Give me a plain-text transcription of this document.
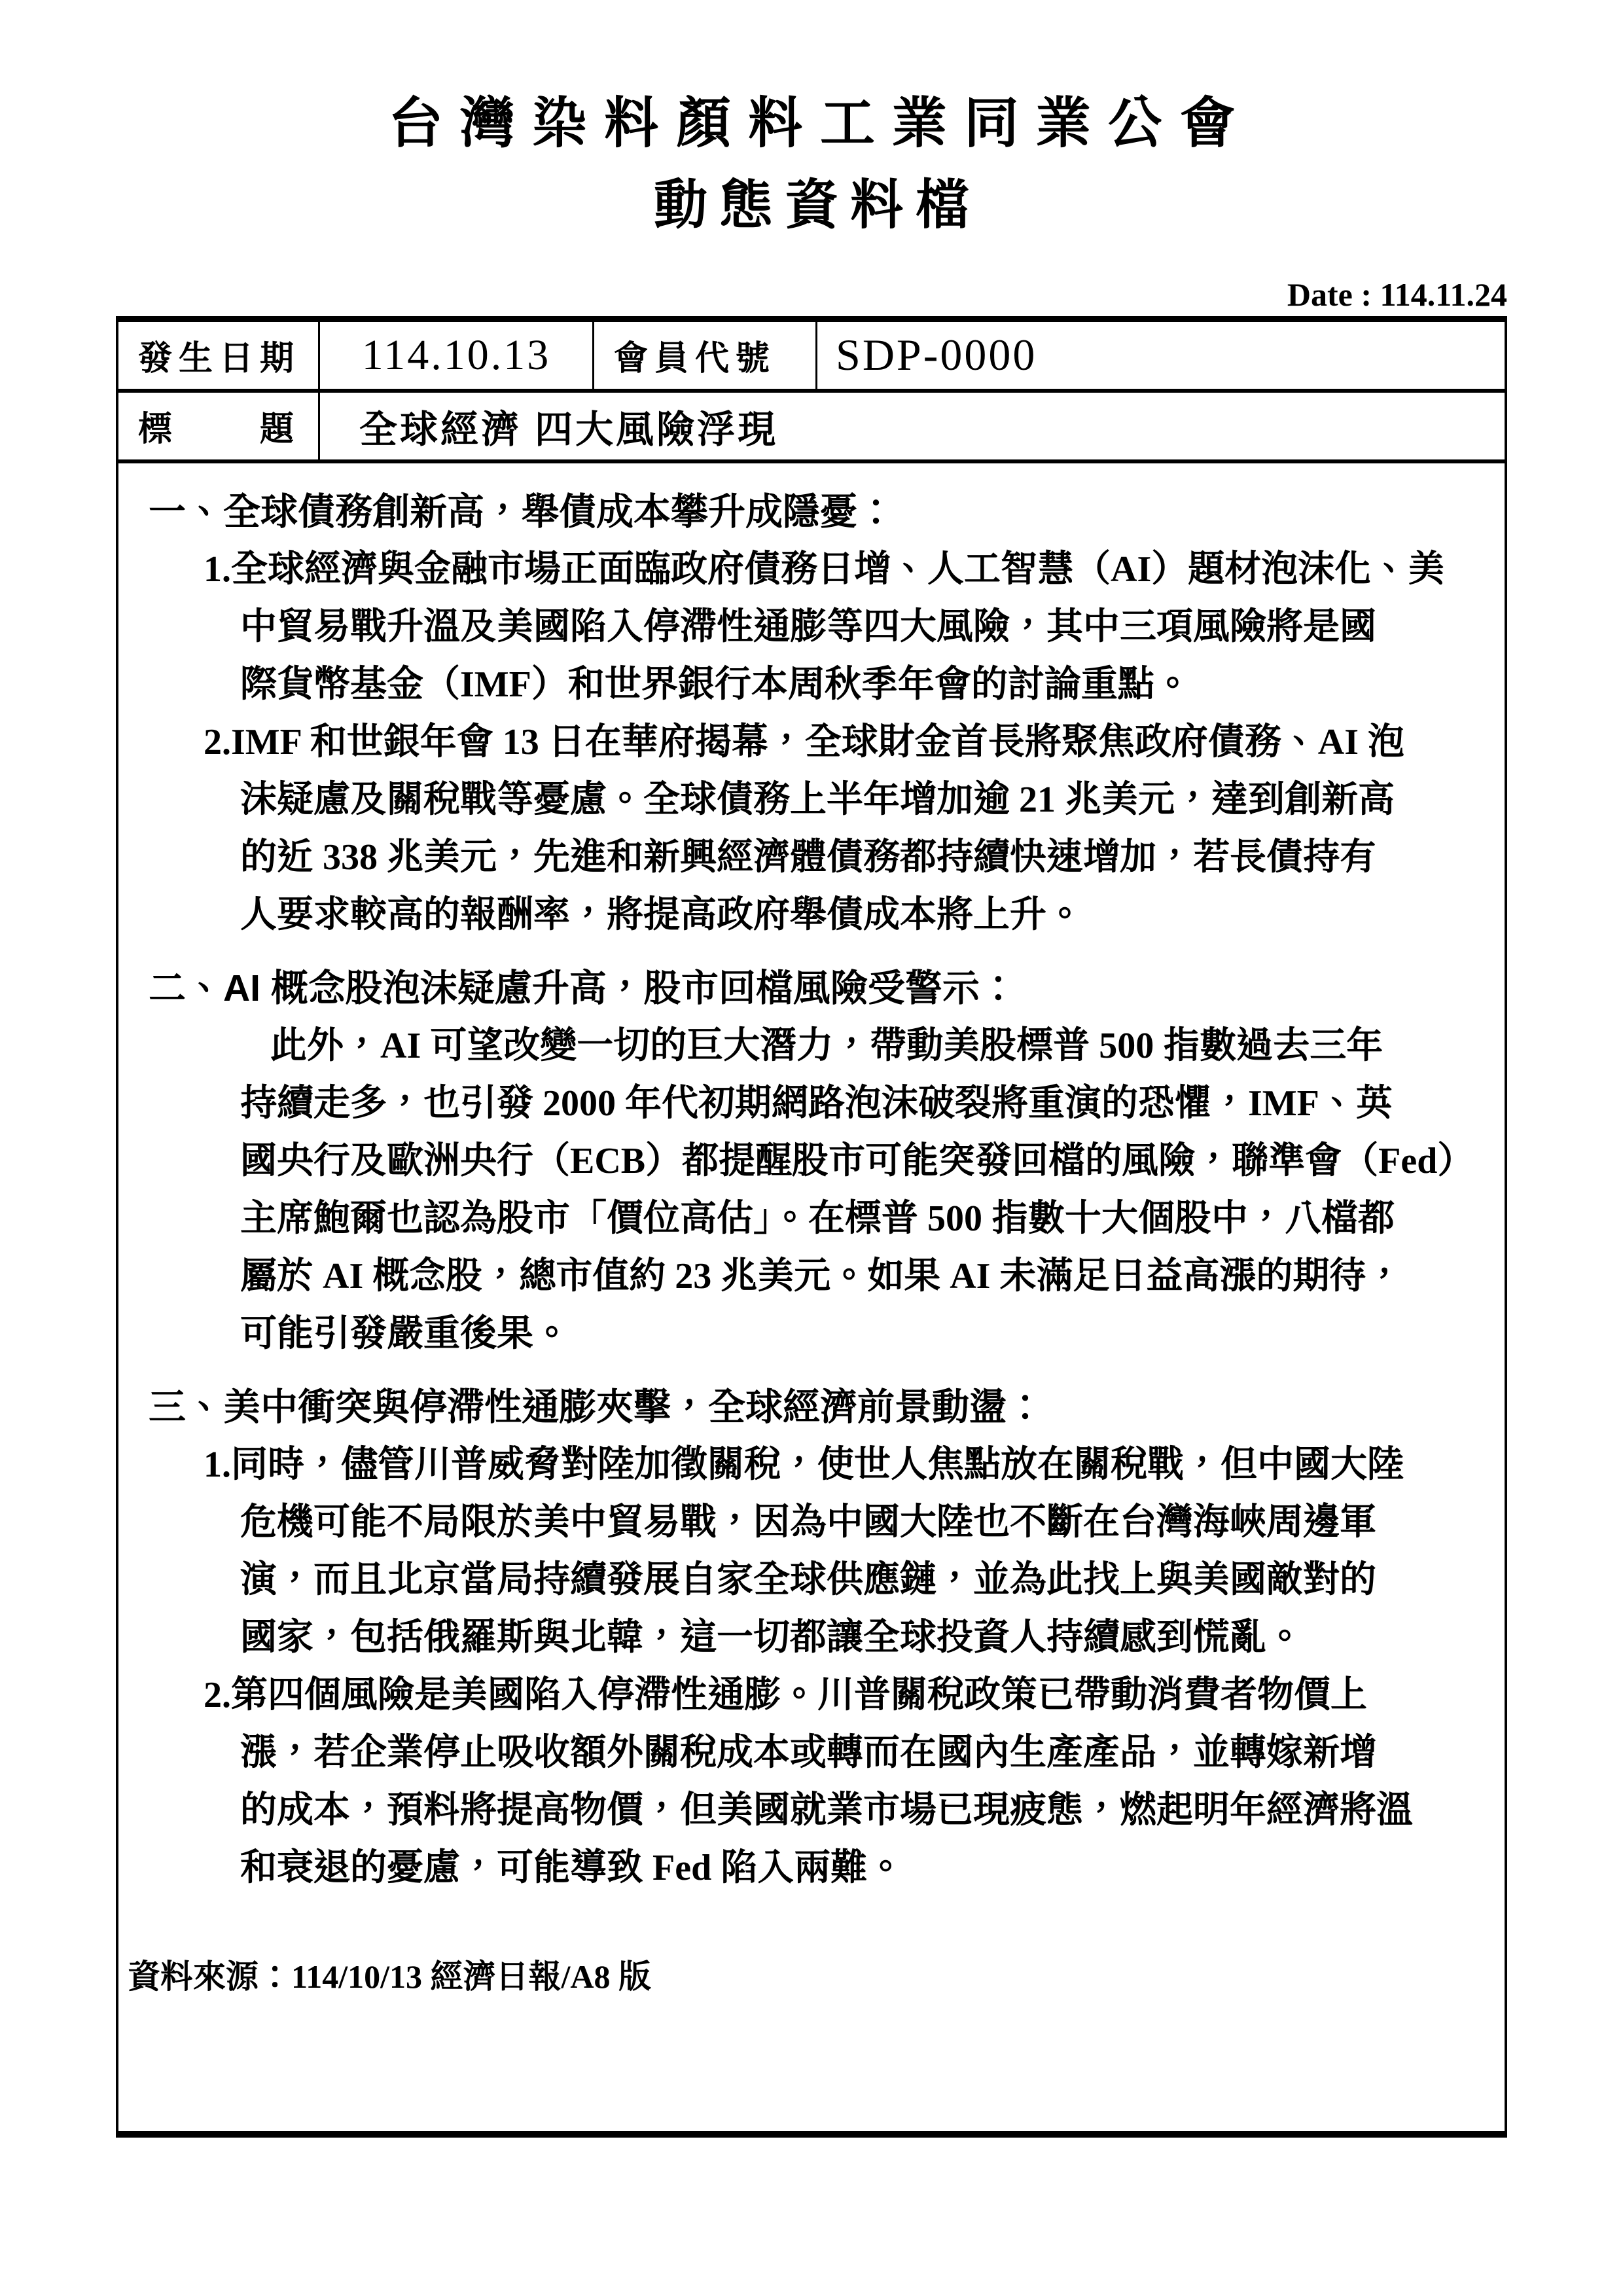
台灣染料顏料工業同業公會
動態資料檔
Date : 114.11.24
發生日期	114.10.13	會員代號	SDP-0000
標　　題	全球經濟 四大風險浮現
一、全球債務創新高，舉債成本攀升成隱憂：
1.全球經濟與金融市場正面臨政府債務日增、人工智慧（AI）題材泡沫化、美
中貿易戰升溫及美國陷入停滯性通膨等四大風險，其中三項風險將是國
際貨幣基金（IMF）和世界銀行本周秋季年會的討論重點。
2.IMF 和世銀年會 13 日在華府揭幕，全球財金首長將聚焦政府債務、AI 泡
沫疑慮及關稅戰等憂慮。全球債務上半年增加逾 21 兆美元，達到創新高
的近 338 兆美元，先進和新興經濟體債務都持續快速增加，若長債持有
人要求較高的報酬率，將提高政府舉債成本將上升。
二、AI 概念股泡沫疑慮升高，股市回檔風險受警示：
此外，AI 可望改變一切的巨大潛力，帶動美股標普 500 指數過去三年
持續走多，也引發 2000 年代初期網路泡沫破裂將重演的恐懼，IMF、英
國央行及歐洲央行（ECB）都提醒股市可能突發回檔的風險，聯準會（Fed）
主席鮑爾也認為股市「價位高估」。在標普 500 指數十大個股中，八檔都
屬於 AI 概念股，總市值約 23 兆美元。如果 AI 未滿足日益高漲的期待，
可能引發嚴重後果。
三、美中衝突與停滯性通膨夾擊，全球經濟前景動盪：
1.同時，儘管川普威脅對陸加徵關稅，使世人焦點放在關稅戰，但中國大陸
危機可能不局限於美中貿易戰，因為中國大陸也不斷在台灣海峽周邊軍
演，而且北京當局持續發展自家全球供應鏈，並為此找上與美國敵對的
國家，包括俄羅斯與北韓，這一切都讓全球投資人持續感到慌亂。
2.第四個風險是美國陷入停滯性通膨。川普關稅政策已帶動消費者物價上
漲，若企業停止吸收額外關稅成本或轉而在國內生產產品，並轉嫁新增
的成本，預料將提高物價，但美國就業市場已現疲態，燃起明年經濟將溫
和衰退的憂慮，可能導致 Fed 陷入兩難。
資料來源：114/10/13 經濟日報/A8 版
